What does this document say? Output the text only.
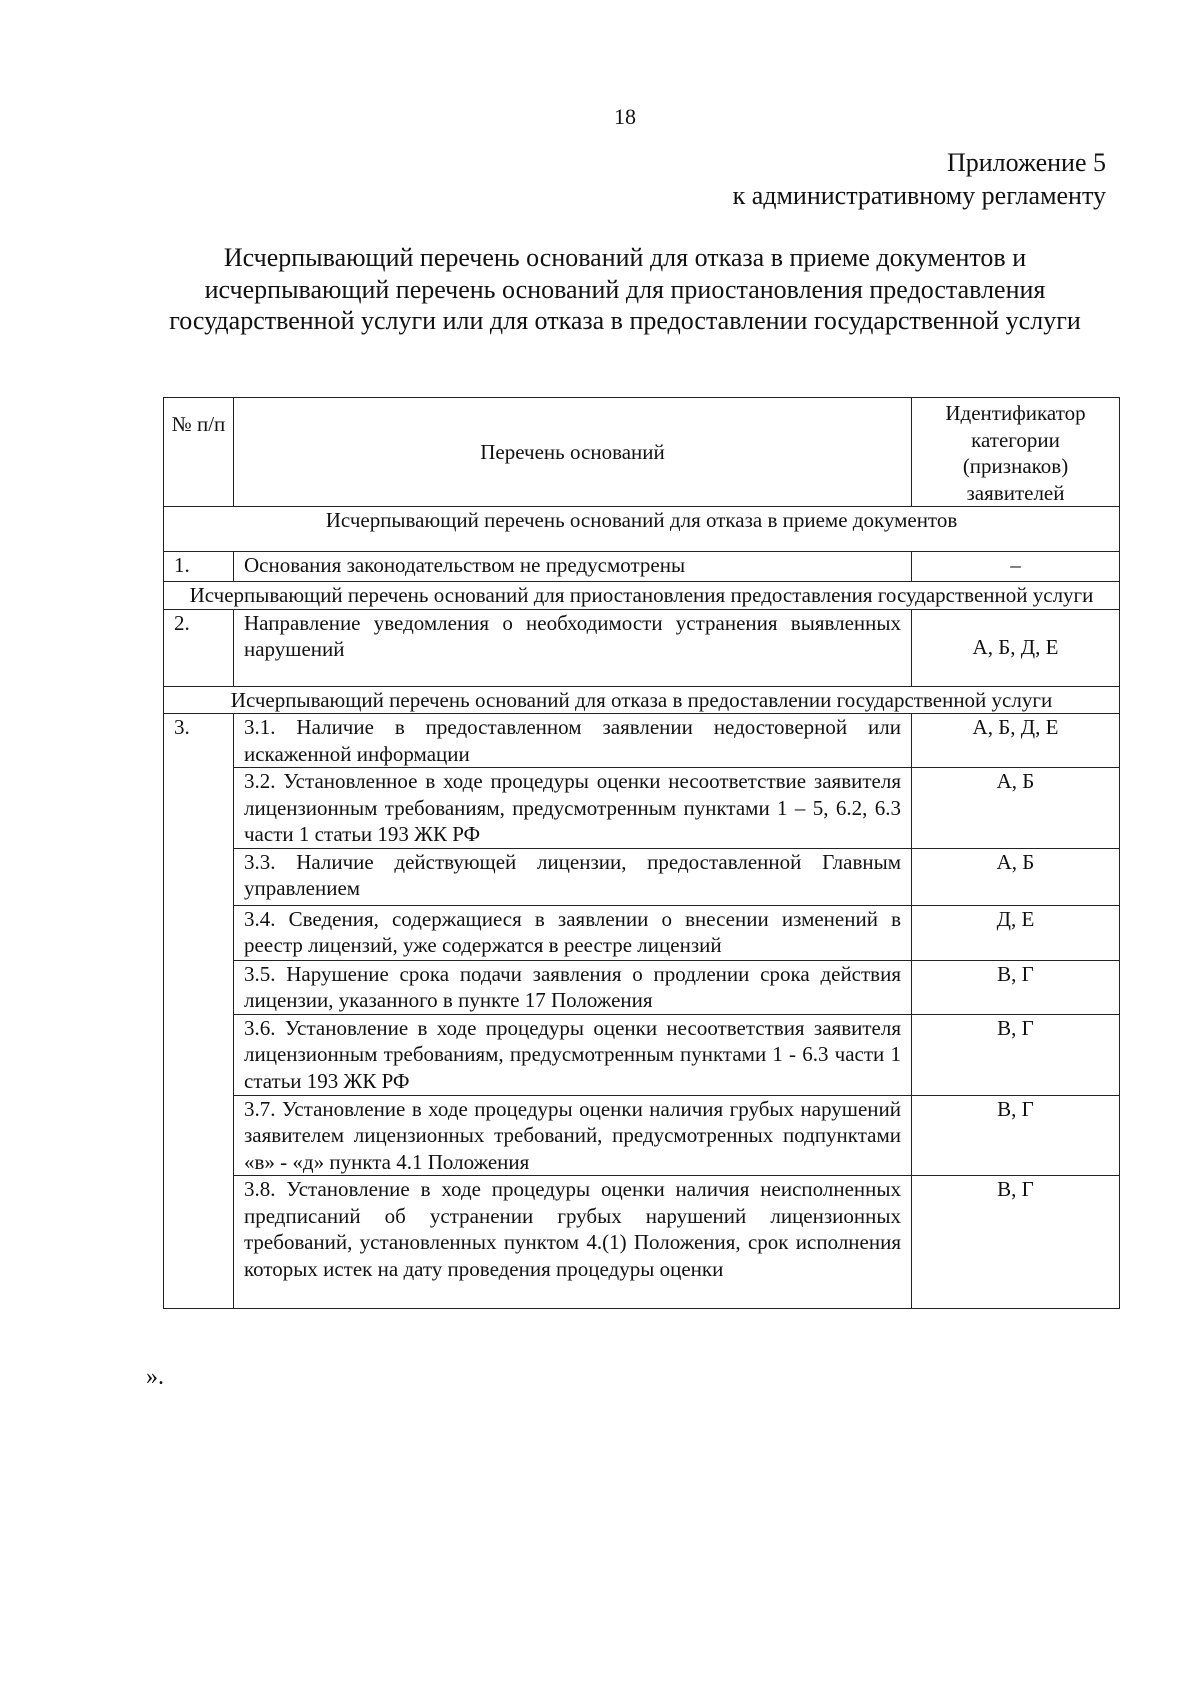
18
Приложение 5
к административному регламенту
Исчерпывающий перечень оснований для отказа в приеме документов и исчерпывающий перечень оснований для приостановления предоставления государственной услуги или для отказа в предоставлении государственной услуги
№ п/п	Перечень оснований	Идентификатор категории (признаков) заявителей
Исчерпывающий перечень оснований для отказа в приеме документов		
1.	Основания законодательством не предусмотрены	–
Исчерпывающий перечень оснований для приостановления предоставления государственной услуги		
2.	Направление уведомления о необходимости устранения выявленных нарушений	А, Б, Д, Е
Исчерпывающий перечень оснований для отказа в предоставлении государственной услуги		
3.	3.1. Наличие в предоставленном заявлении недостоверной или искаженной информации	А, Б, Д, Е
	3.2. Установленное в ходе процедуры оценки несоответствие заявителя лицензионным требованиям, предусмотренным пунктами 1 – 5, 6.2, 6.3 части 1 статьи 193 ЖК РФ	А, Б
	3.3. Наличие действующей лицензии, предоставленной Главным управлением	А, Б
	3.4. Сведения, содержащиеся в заявлении о внесении изменений в реестр лицензий, уже содержатся в реестре лицензий	Д, Е
	3.5. Нарушение срока подачи заявления о продлении срока действия лицензии, указанного в пункте 17 Положения	В, Г
	3.6. Установление в ходе процедуры оценки несоответствия заявителя лицензионным требованиям, предусмотренным пунктами 1 - 6.3 части 1 статьи 193 ЖК РФ	В, Г
	3.7. Установление в ходе процедуры оценки наличия грубых нарушений заявителем лицензионных требований, предусмотренных подпунктами «в» - «д» пункта 4.1 Положения	В, Г
	3.8. Установление в ходе процедуры оценки наличия неисполненных предписаний об устранении грубых нарушений лицензионных требований, установленных пунктом 4.(1) Положения, срок исполнения которых истек на дату проведения процедуры оценки	В, Г
».
